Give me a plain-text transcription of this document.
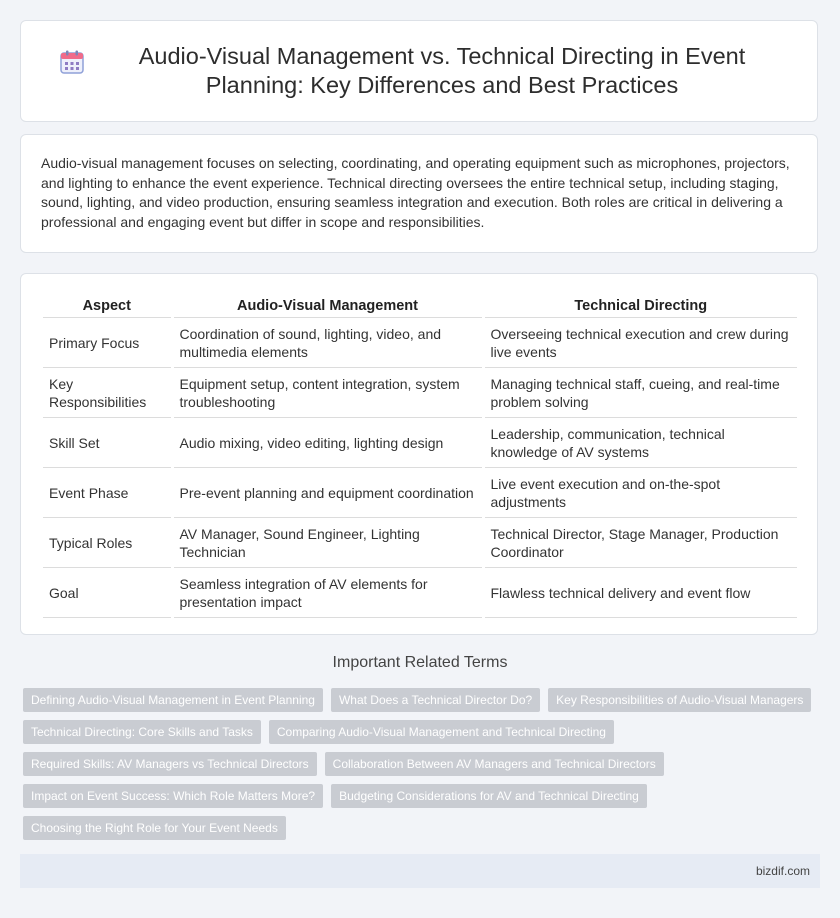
Audio-Visual Management vs. Technical Directing in Event Planning: Key Differences and Best Practices

Audio-visual management focuses on selecting, coordinating, and operating equipment such as microphones, projectors, and lighting to enhance the event experience. Technical directing oversees the entire technical setup, including staging, sound, lighting, and video production, ensuring seamless integration and execution. Both roles are critical in delivering a professional and engaging event but differ in scope and responsibilities.

Aspect	Audio-Visual Management	Technical Directing
Primary Focus	Coordination of sound, lighting, video, and multimedia elements	Overseeing technical execution and crew during live events
Key Responsibilities	Equipment setup, content integration, system troubleshooting	Managing technical staff, cueing, and real-time problem solving
Skill Set	Audio mixing, video editing, lighting design	Leadership, communication, technical knowledge of AV systems
Event Phase	Pre-event planning and equipment coordination	Live event execution and on-the-spot adjustments
Typical Roles	AV Manager, Sound Engineer, Lighting Technician	Technical Director, Stage Manager, Production Coordinator
Goal	Seamless integration of AV elements for presentation impact	Flawless technical delivery and event flow
Important Related Terms
Defining Audio-Visual Management in Event Planning	What Does a Technical Director Do?	Key Responsibilities of Audio-Visual Managers
Technical Directing: Core Skills and Tasks	Comparing Audio-Visual Management and Technical Directing
Required Skills: AV Managers vs Technical Directors	Collaboration Between AV Managers and Technical Directors
Impact on Event Success: Which Role Matters More?	Budgeting Considerations for AV and Technical Directing
Choosing the Right Role for Your Event Needs
bizdif.com
